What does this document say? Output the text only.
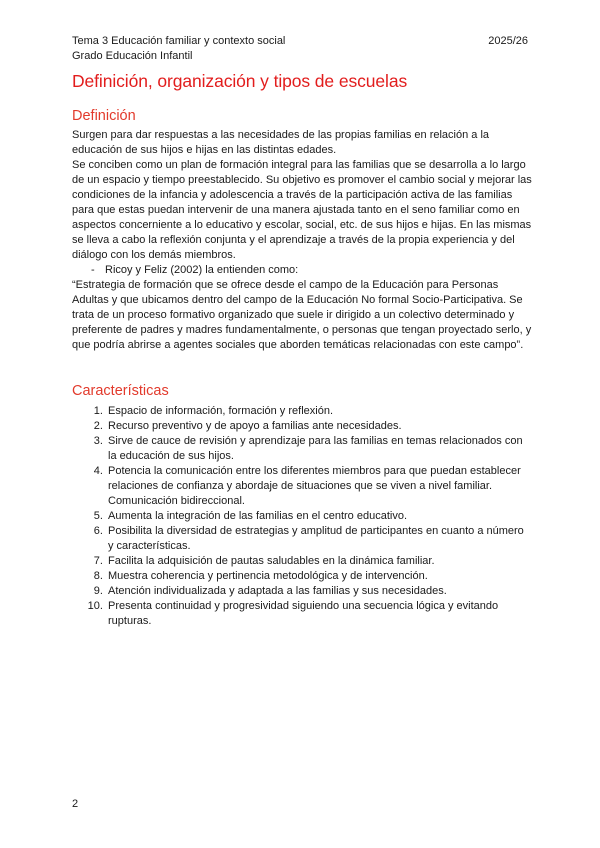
Tema 3 Educación familiar y contexto social	2025/26
Grado Educación Infantil
Definición, organización y tipos de escuelas
Definición

Surgen para dar respuestas a las necesidades de las propias familias en relación a la educación de sus hijos e hijas en las distintas edades.

Se conciben como un plan de formación integral para las familias que se desarrolla a lo largo de un espacio y tiempo preestablecido. Su objetivo es promover el cambio social y mejorar las condiciones de la infancia y adolescencia a través de la participación activa de las familias para que estas puedan intervenir de una manera ajustada tanto en el seno familiar como en aspectos concerniente a lo educativo y escolar, social, etc. de sus hijos e hijas. En las mismas se lleva a cabo la reflexión conjunta y el aprendizaje a través de la propia experiencia y del diálogo con los demás miembros.

- Ricoy y Feliz (2002) la entienden como:

“Estrategia de formación que se ofrece desde el campo de la Educación para Personas Adultas y que ubicamos dentro del campo de la Educación No formal Socio-Participativa. Se trata de un proceso formativo organizado que suele ir dirigido a un colectivo determinado y preferente de padres y madres fundamentalmente, o personas que tengan proyectado serlo, y que podría abrirse a agentes sociales que aborden temáticas relacionadas con este campo”.

Características
1. Espacio de información, formación y reflexión.
2. Recurso preventivo y de apoyo a familias ante necesidades.
3. Sirve de cauce de revisión y aprendizaje para las familias en temas relacionados con la educación de sus hijos.
4. Potencia la comunicación entre los diferentes miembros para que puedan establecer relaciones de confianza y abordaje de situaciones que se viven a nivel familiar. Comunicación bidireccional.
5. Aumenta la integración de las familias en el centro educativo.
6. Posibilita la diversidad de estrategias y amplitud de participantes en cuanto a número y características.
7. Facilita la adquisición de pautas saludables en la dinámica familiar.
8. Muestra coherencia y pertinencia metodológica y de intervención.
9. Atención individualizada y adaptada a las familias y sus necesidades.
10. Presenta continuidad y progresividad siguiendo una secuencia lógica y evitando rupturas.
2
